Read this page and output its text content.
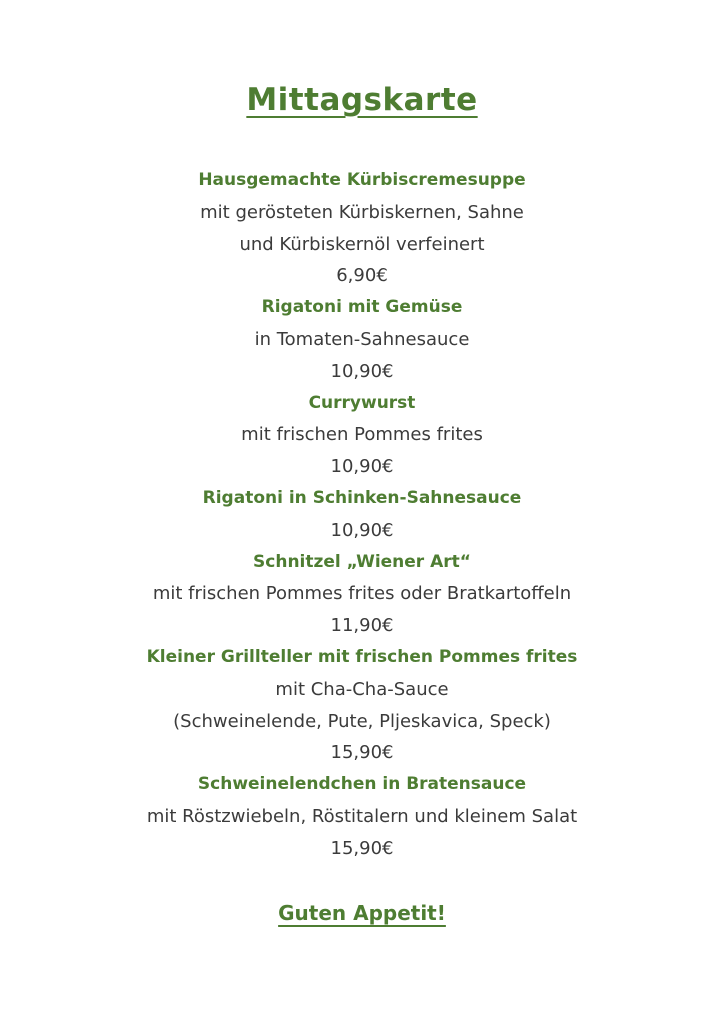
Mittagskarte
Hausgemachte Kürbiscremesuppe
mit gerösteten Kürbiskernen, Sahne
und Kürbiskernöl verfeinert
6,90€
Rigatoni mit Gemüse
in Tomaten-Sahnesauce
10,90€
Currywurst
mit frischen Pommes frites
10,90€
Rigatoni in Schinken-Sahnesauce
10,90€
Schnitzel „Wiener Art“
mit frischen Pommes frites oder Bratkartoffeln
11,90€
Kleiner Grillteller mit frischen Pommes frites
mit Cha-Cha-Sauce
(Schweinelende, Pute, Pljeskavica, Speck)
15,90€
Schweinelendchen in Bratensauce
mit Röstzwiebeln, Röstitalern und kleinem Salat
15,90€
Guten Appetit!
